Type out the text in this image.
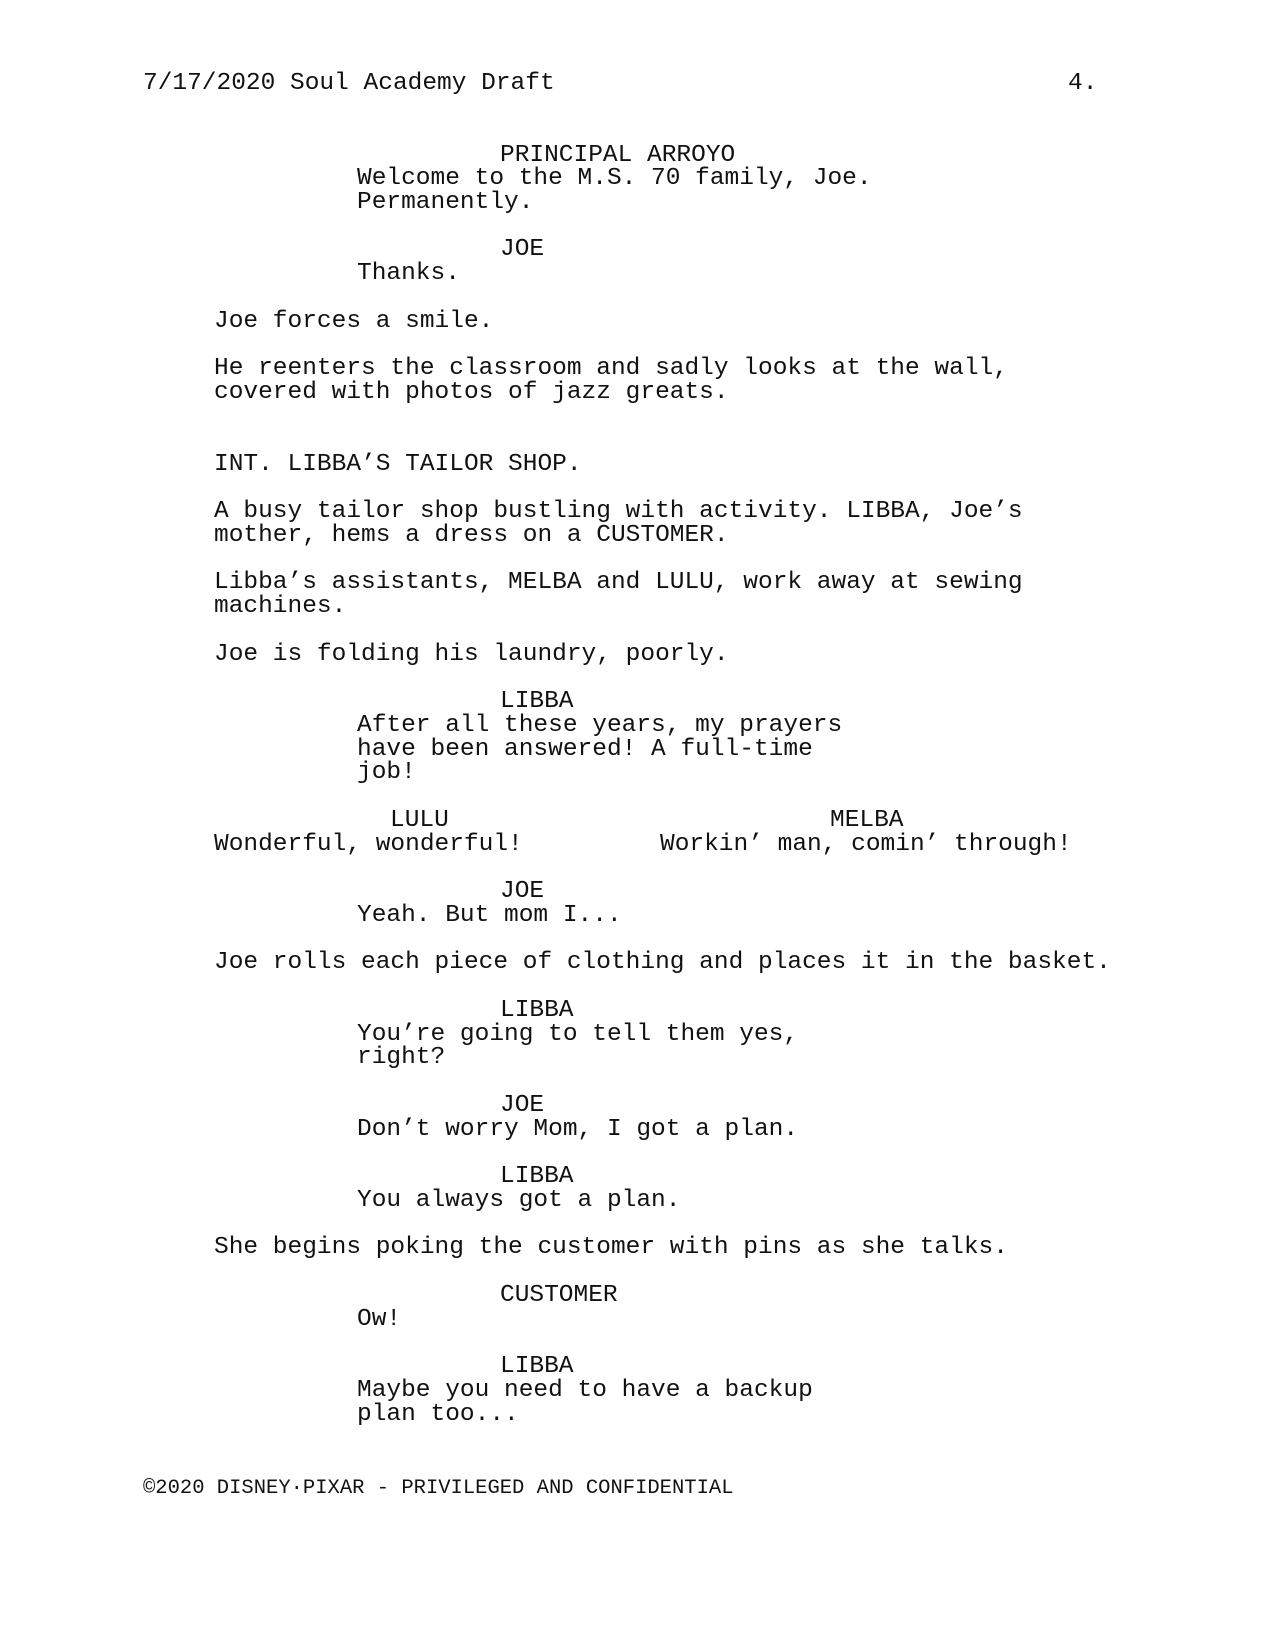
7/17/2020 Soul Academy Draft	4.
PRINCIPAL ARROYO
Welcome to the M.S. 70 family, Joe.
Permanently.
JOE
Thanks.
Joe forces a smile.
He reenters the classroom and sadly looks at the wall,
covered with photos of jazz greats.
INT. LIBBA’S TAILOR SHOP.
A busy tailor shop bustling with activity. LIBBA, Joe’s
mother, hems a dress on a CUSTOMER.
Libba’s assistants, MELBA and LULU, work away at sewing
machines.
Joe is folding his laundry, poorly.
LIBBA
After all these years, my prayers
have been answered! A full-time
job!
LULU	MELBA
Wonderful, wonderful!	Workin’ man, comin’ through!
JOE
Yeah. But mom I...
Joe rolls each piece of clothing and places it in the basket.
LIBBA
You’re going to tell them yes,
right?
JOE
Don’t worry Mom, I got a plan.
LIBBA
You always got a plan.
She begins poking the customer with pins as she talks.
CUSTOMER
Ow!
LIBBA
Maybe you need to have a backup
plan too...
©2020 DISNEY·PIXAR - PRIVILEGED AND CONFIDENTIAL
